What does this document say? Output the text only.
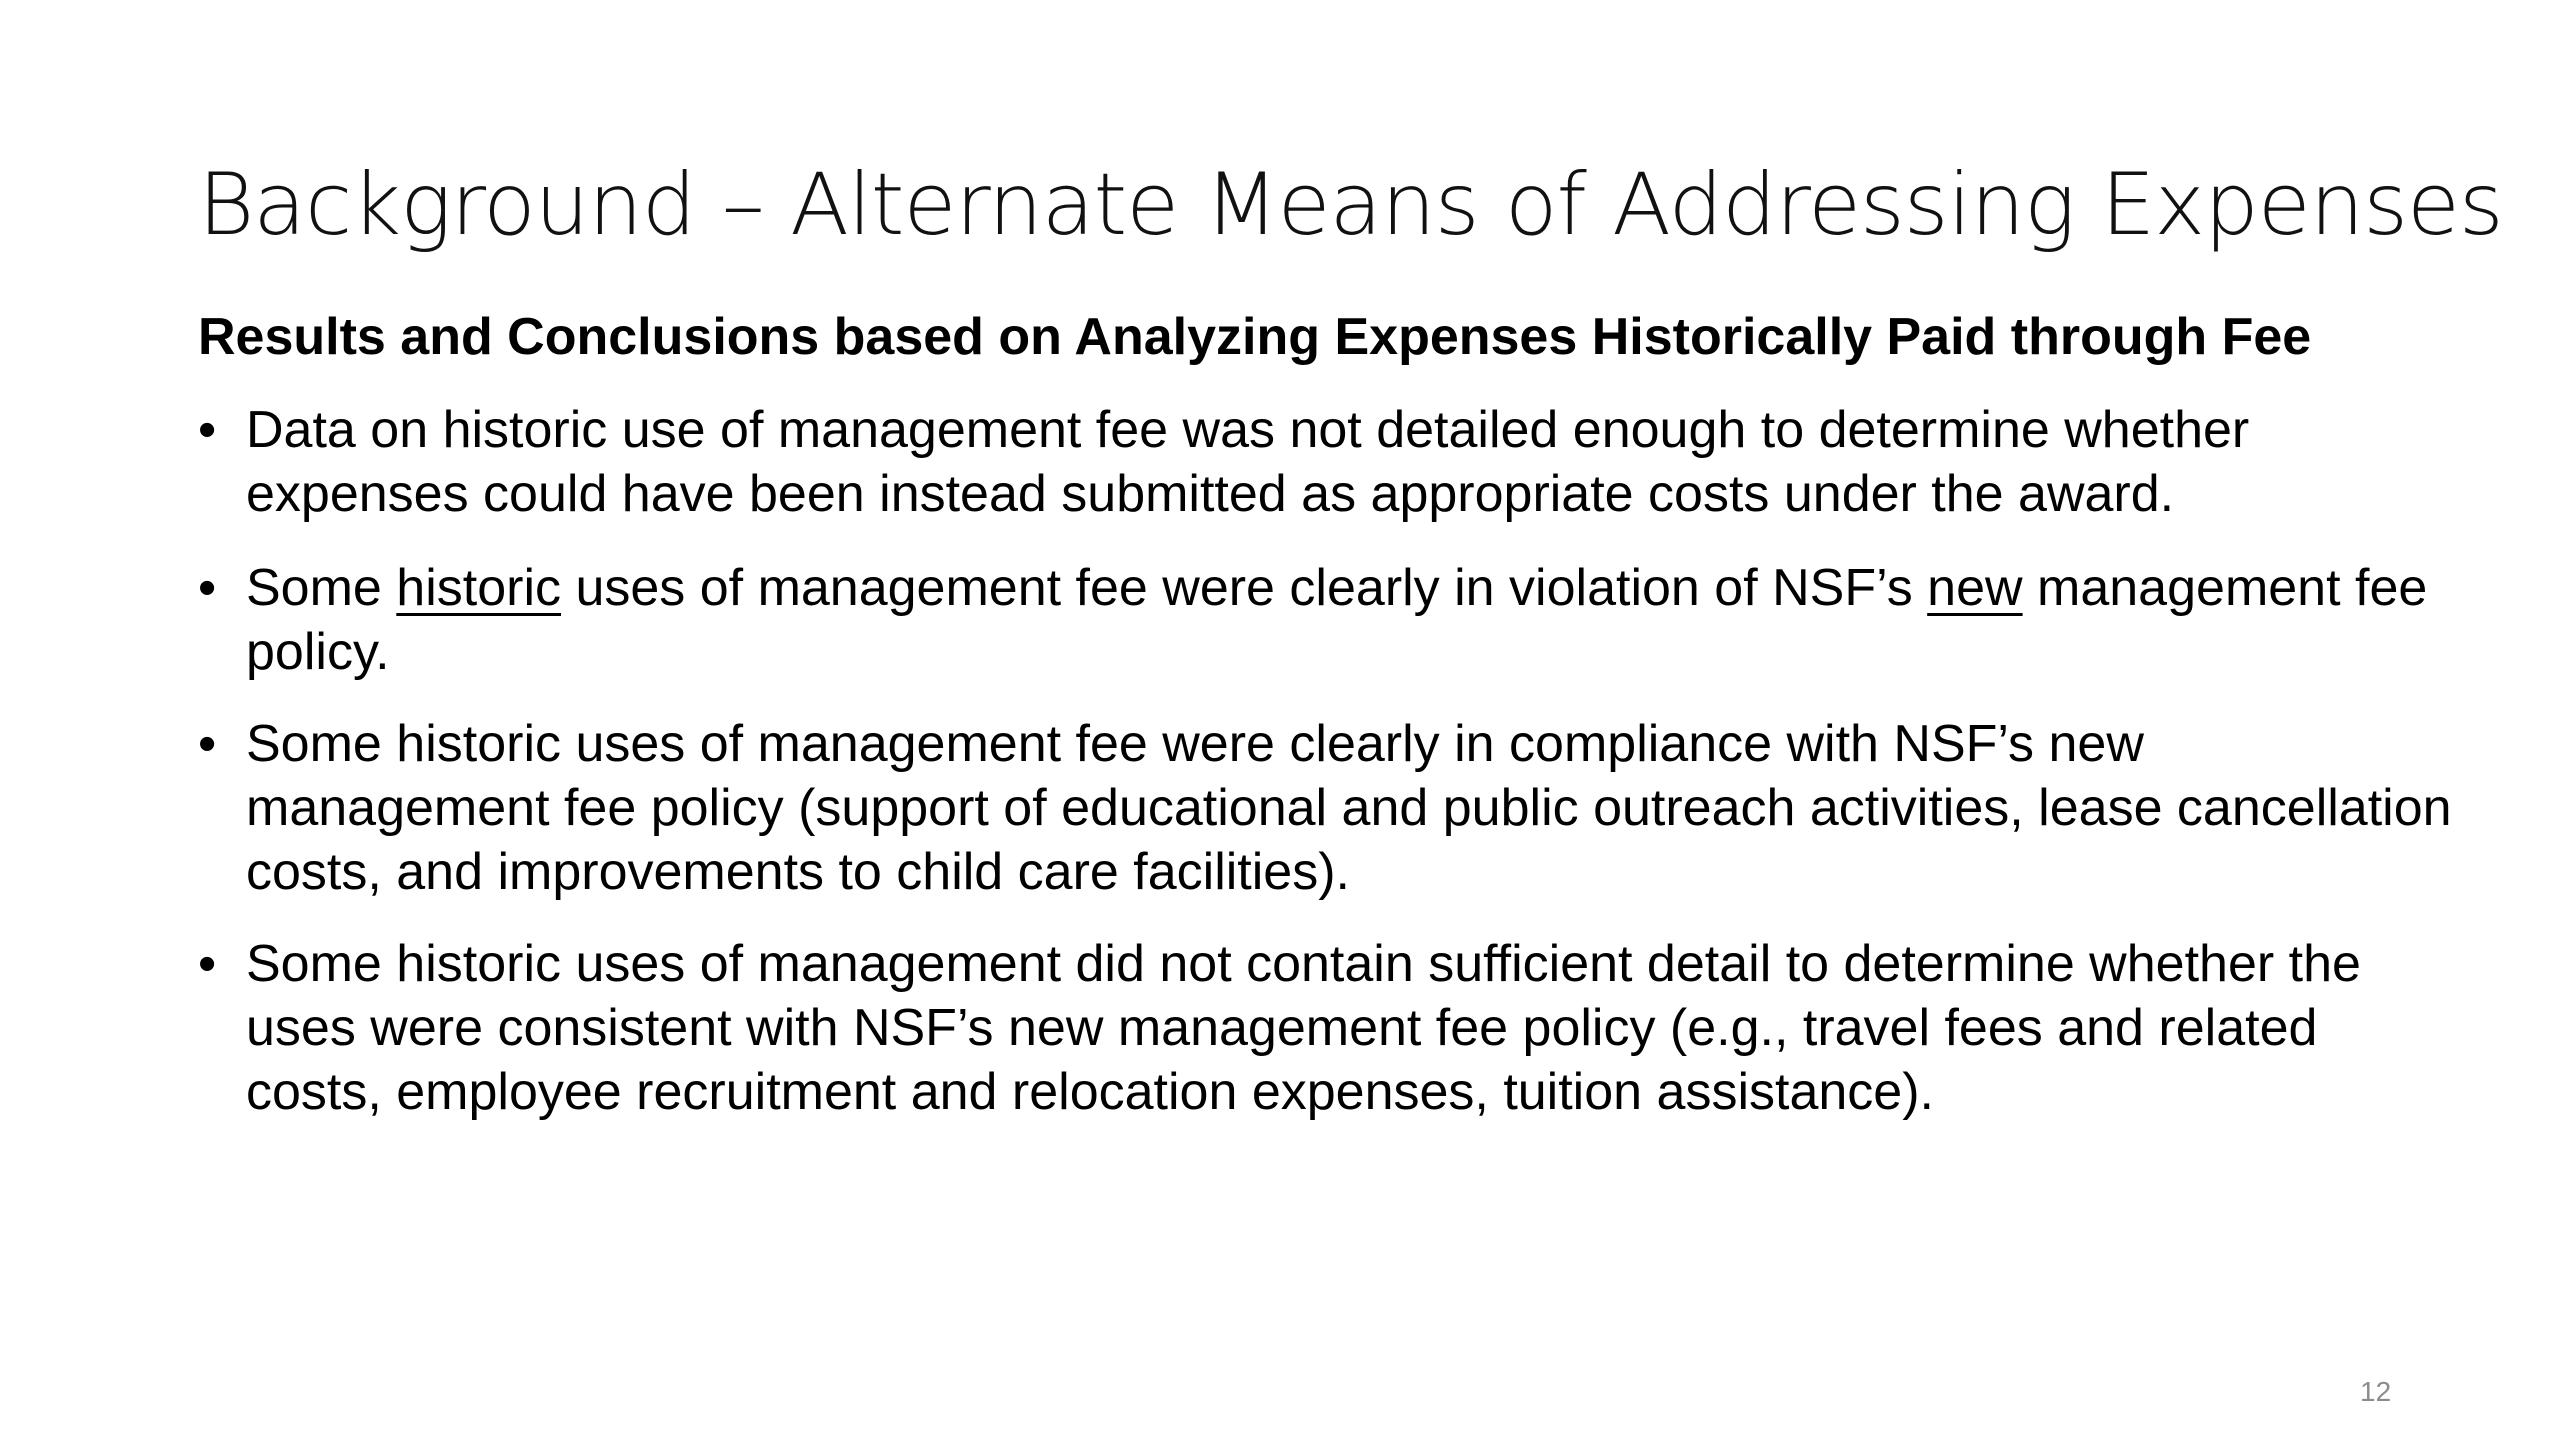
Background – Alternate Means of Addressing Expenses
Results and Conclusions based on Analyzing Expenses Historically Paid through Fee
• Data on historic use of management fee was not detailed enough to determine whether expenses could have been instead submitted as appropriate costs under the award.
• Some historic uses of management fee were clearly in violation of NSF’s new management fee policy.
• Some historic uses of management fee were clearly in compliance with NSF’s new management fee policy (support of educational and public outreach activities, lease cancellation costs, and improvements to child care facilities).
• Some historic uses of management did not contain sufficient detail to determine whether the uses were consistent with NSF’s new management fee policy (e.g., travel fees and related costs, employee recruitment and relocation expenses, tuition assistance).
12
